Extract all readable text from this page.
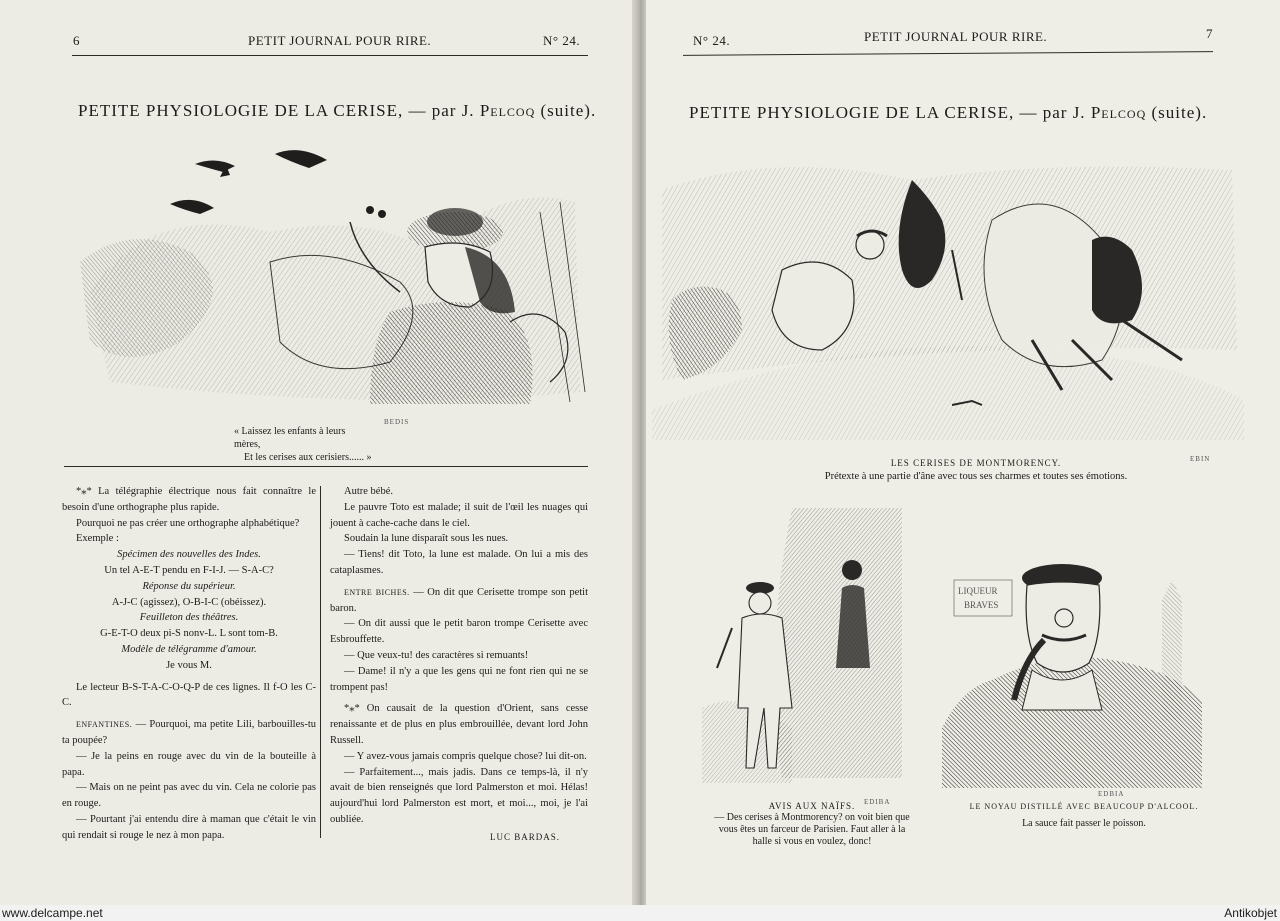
6	PETIT JOURNAL POUR RIRE.	N° 24.
PETITE PHYSIOLOGIE DE LA CERISE, — par J. Pelcoq (suite).
BEDIS
« Laissez les enfants à leurs mères,
Et les cerises aux cerisiers...... »

*⁎* La télégraphie électrique nous fait connaître le besoin d'une orthographe plus rapide.

Pourquoi ne pas créer une orthographe alphabétique?

Exemple :

Spécimen des nouvelles des Indes.

Un tel A-E-T pendu en F-I-J. — S-A-C?

Réponse du supérieur.

A-J-C (agissez), O-B-I-C (obéissez).

Feuilleton des théâtres.

G-E-T-O deux pi-S nonv-L. L sont tom-B.

Modèle de télégramme d'amour.

Je vous M.

Le lecteur B-S-T-A-C-O-Q-P de ces lignes. Il f-O les C-C.

ENFANTINES. — Pourquoi, ma petite Lili, barbouilles-tu ta poupée?

— Je la peins en rouge avec du vin de la bouteille à papa.

— Mais on ne peint pas avec du vin. Cela ne colorie pas en rouge.

— Pourtant j'ai entendu dire à maman que c'était le vin qui rendait si rouge le nez à mon papa.

Autre bébé.

Le pauvre Toto est malade; il suit de l'œil les nuages qui jouent à cache-cache dans le ciel.

Soudain la lune disparaît sous les nues.

— Tiens! dit Toto, la lune est malade. On lui a mis des cataplasmes.

ENTRE BICHES. — On dit que Cerisette trompe son petit baron.

— On dit aussi que le petit baron trompe Cerisette avec Esbrouffette.

— Que veux-tu! des caractères si remuants!

— Dame! il n'y a que les gens qui ne font rien qui ne se trompent pas!

*⁎* On causait de la question d'Orient, sans cesse renaissante et de plus en plus embrouillée, devant lord John Russell.

— Y avez-vous jamais compris quelque chose? lui dit-on.

— Parfaitement..., mais jadis. Dans ce temps-là, il n'y avait de bien renseignés que lord Palmerston et moi. Hélas! aujourd'hui lord Palmerston est mort, et moi..., moi, je l'ai oubliée.

LUC BARDAS.

N° 24.	PETIT JOURNAL POUR RIRE.	7
PETITE PHYSIOLOGIE DE LA CERISE, — par J. Pelcoq (suite).
EBIN
LES CERISES DE MONTMORENCY.
Prétexte à une partie d'âne avec tous ses charmes et toutes ses émotions.
EDIBA
AVIS AUX NAÏFS.
— Des cerises à Montmorency? on voit bien que vous êtes un farceur de Parisien. Faut aller à la halle si vous en voulez, donc!
LIQUEUR
BRAVES
EDBIA
LE NOYAU DISTILLÉ AVEC BEAUCOUP D'ALCOOL.
La sauce fait passer le poisson.
www.delcampe.net	Antikobjet
